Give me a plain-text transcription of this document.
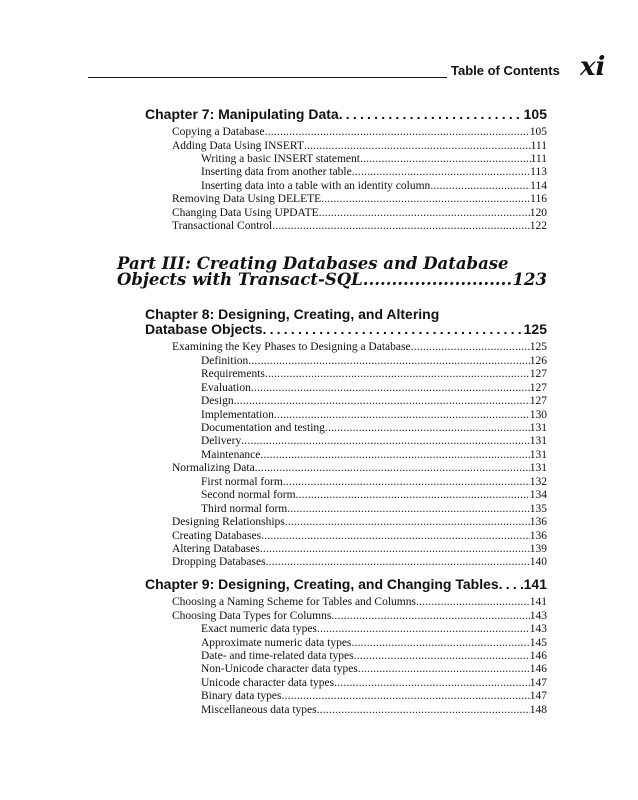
Table of Contents xi
Chapter 7: Manipulating Data .....	105
Copying a Database .....	105
Adding Data Using INSERT .....	111
Writing a basic INSERT statement .....	111
Inserting data from another table .....	113
Inserting data into a table with an identity column .....	114
Removing Data Using DELETE .....	116
Changing Data Using UPDATE .....	120
Transactional Control .....	122
Part III: Creating Databases and Database
Objects with Transact-SQL .....	123
Chapter 8: Designing, Creating, and Altering
Database Objects .....	125
Examining the Key Phases to Designing a Database .....	125
Definition .....	126
Requirements .....	127
Evaluation .....	127
Design .....	127
Implementation .....	130
Documentation and testing .....	131
Delivery .....	131
Maintenance .....	131
Normalizing Data .....	131
First normal form .....	132
Second normal form .....	134
Third normal form .....	135
Designing Relationships .....	136
Creating Databases .....	136
Altering Databases .....	139
Dropping Databases .....	140
Chapter 9: Designing, Creating, and Changing Tables ..... 141
Choosing a Naming Scheme for Tables and Columns .....	141
Choosing Data Types for Columns .....	143
Exact numeric data types .....	143
Approximate numeric data types .....	145
Date- and time-related data types .....	146
Non-Unicode character data types .....	146
Unicode character data types .....	147
Binary data types .....	147
Miscellaneous data types .....	148
